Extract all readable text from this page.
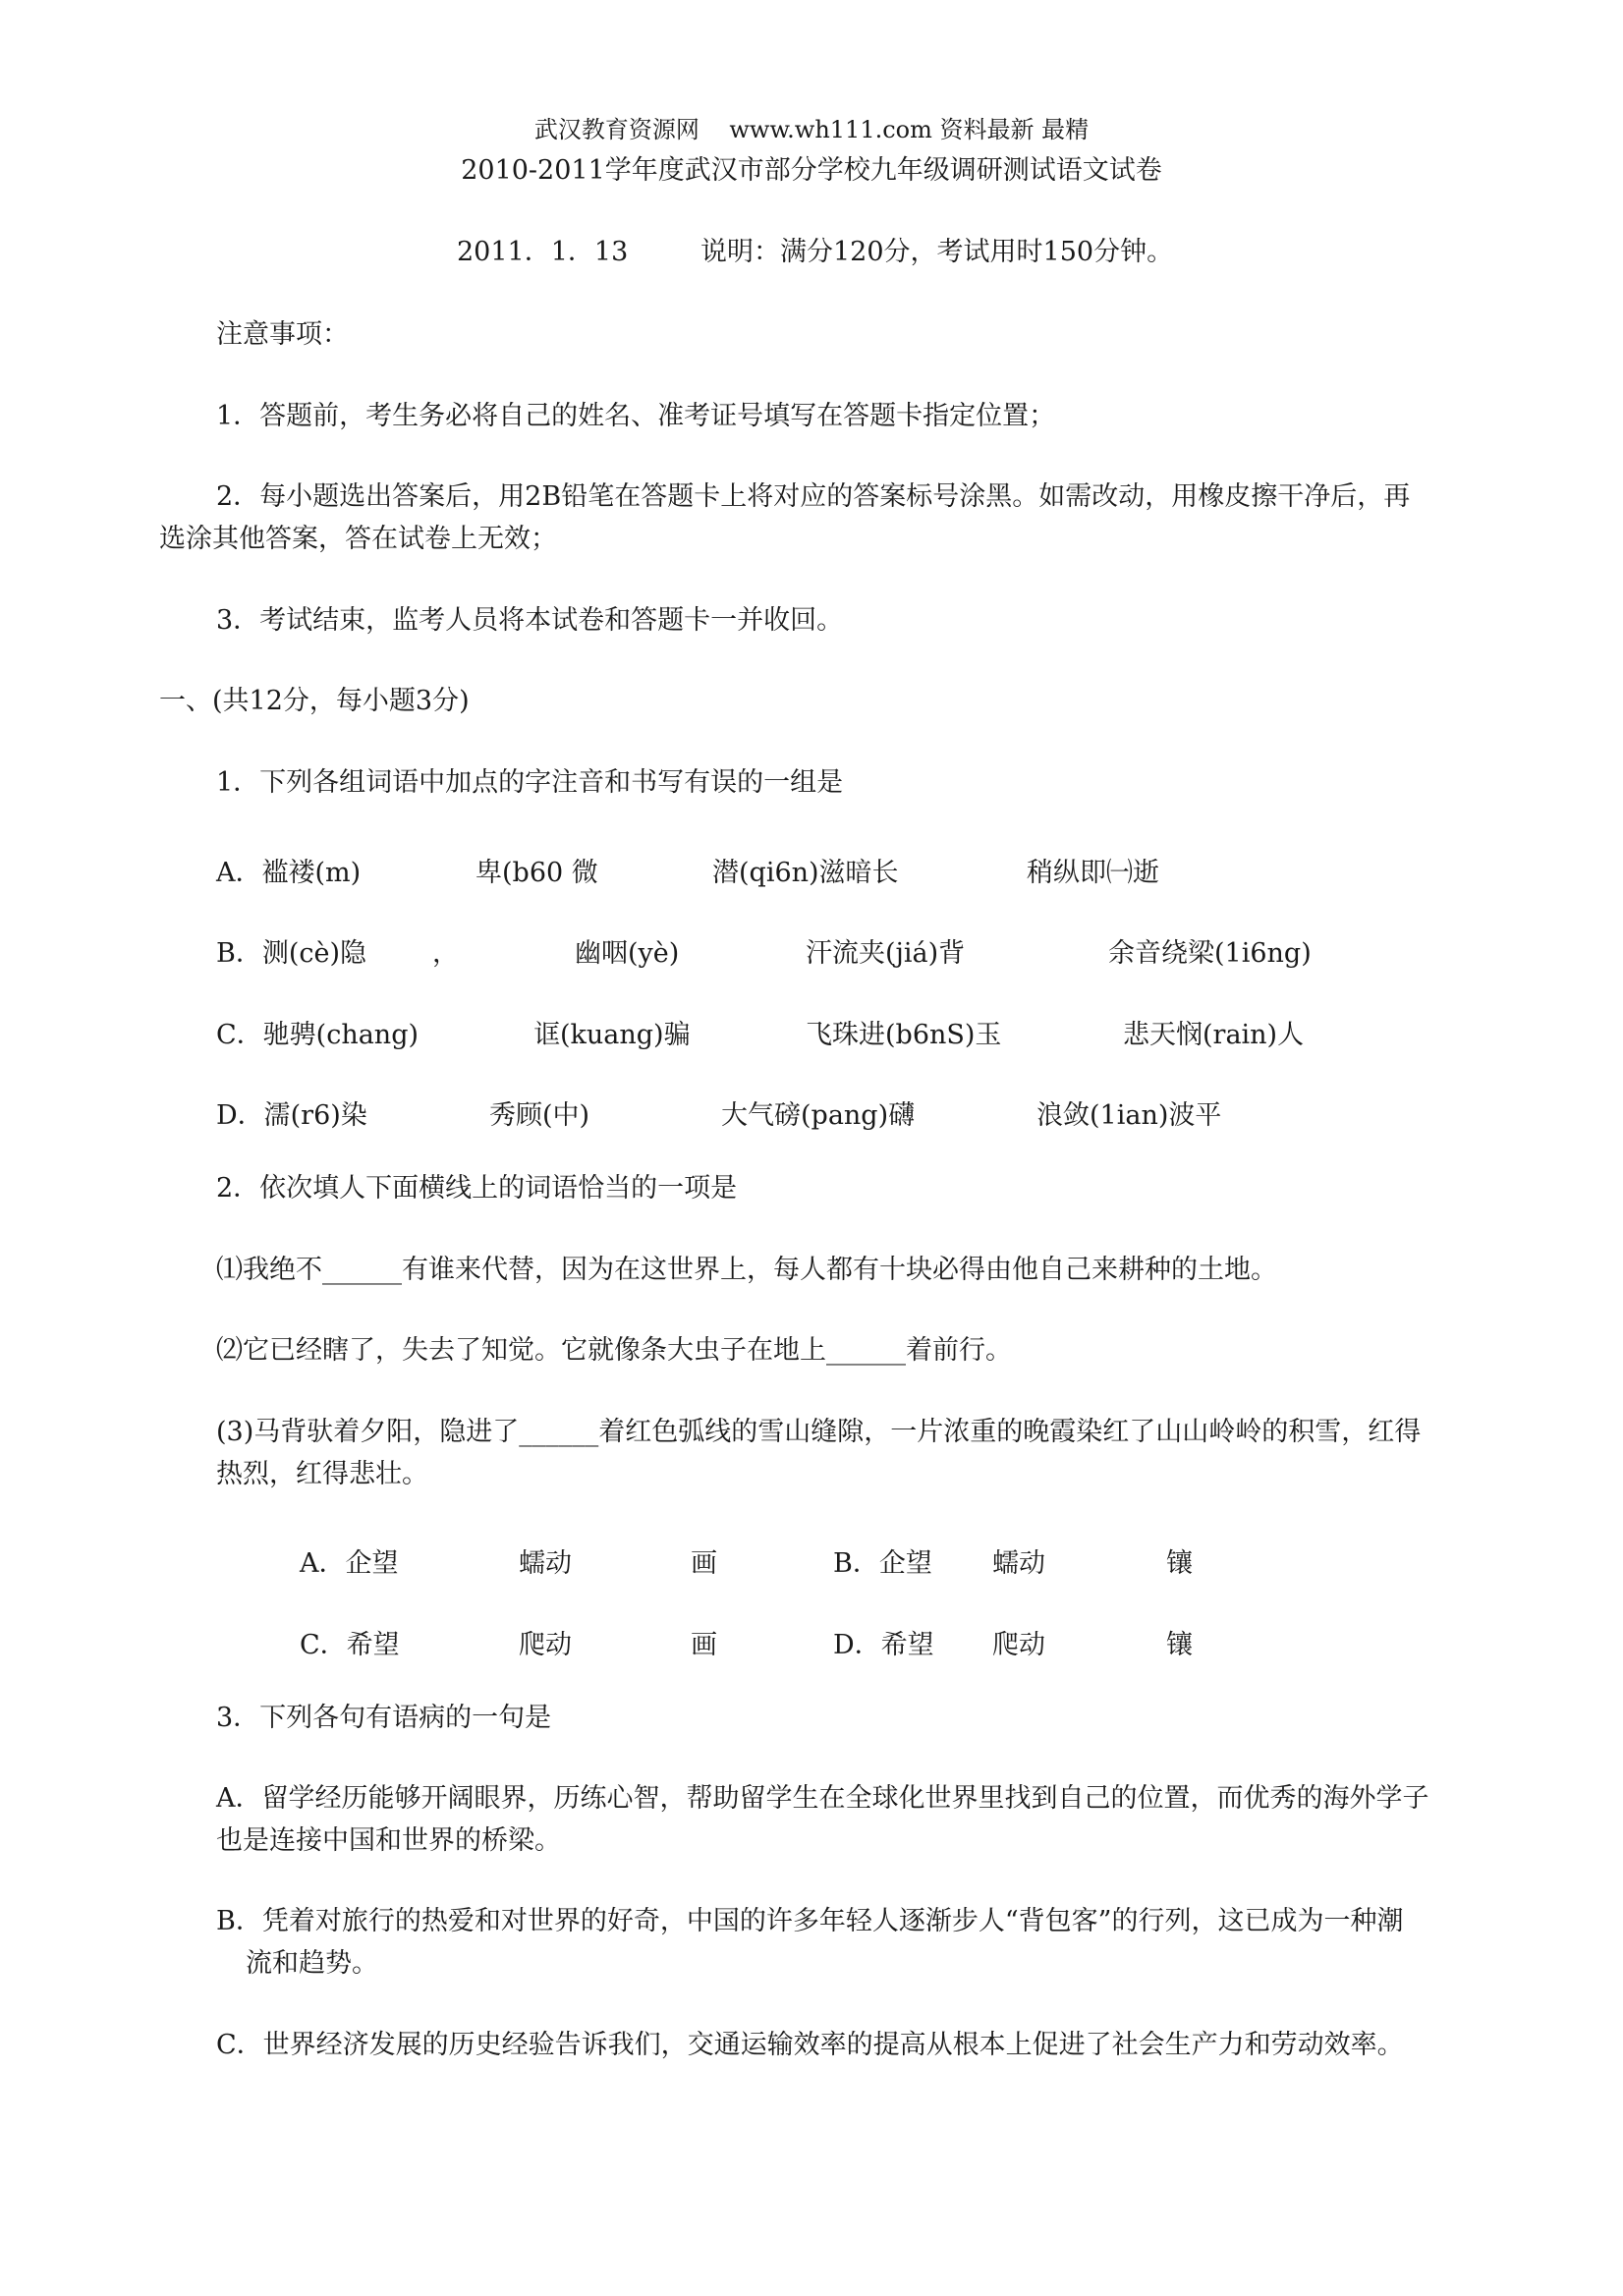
武汉教育资源网    www.wh111.com 资料最新 最精
2010-2011学年度武汉市部分学校九年级调研测试语文试卷
2011．1．13	说明：满分120分，考试用时150分钟。
注意事项：
1．答题前，考生务必将自己的姓名、准考证号填写在答题卡指定位置；
2．每小题选出答案后，用2B铅笔在答题卡上将对应的答案标号涂黑。如需改动，用橡皮擦干净后，再
选涂其他答案，答在试卷上无效；
3．考试结束，监考人员将本试卷和答题卡一并收回。
一、(共12分，每小题3分)
1．下列各组词语中加点的字注音和书写有误的一组是
A．褴褛(m)	卑(b60 微	潜(qi6n)滋暗长	稍纵即㈠逝
B．测(cè)隐 ，	幽咽(yè)	汗流夹(jiá)背	余音绕梁(1i6ng)
C．驰骋(chang)	诓(kuang)骗	飞珠进(b6nS)玉	悲天悯(rain)人
D．濡(r6)染	秀顾(中)	大气磅(pang)礴	浪敛(1ian)波平
2．依次填人下面横线上的词语恰当的一项是
⑴我绝不______有谁来代替，因为在这世界上，每人都有十块必得由他自己来耕种的土地。
⑵它已经瞎了，失去了知觉。它就像条大虫子在地上______着前行。
(3)马背驮着夕阳，隐进了______着红色弧线的雪山缝隙，一片浓重的晚霞染红了山山岭岭的积雪，红得
热烈，红得悲壮。
A．企望	蠕动	画	B．企望 蠕动	镶
C．希望	爬动	画	D．希望 爬动	镶
3．下列各句有语病的一句是
A．留学经历能够开阔眼界，历练心智，帮助留学生在全球化世界里找到自己的位置，而优秀的海外学子
也是连接中国和世界的桥梁。
B．凭着对旅行的热爱和对世界的好奇，中国的许多年轻人逐渐步人“背包客”的行列，这已成为一种潮
流和趋势。
C．世界经济发展的历史经验告诉我们，交通运输效率的提高从根本上促进了社会生产力和劳动效率。
